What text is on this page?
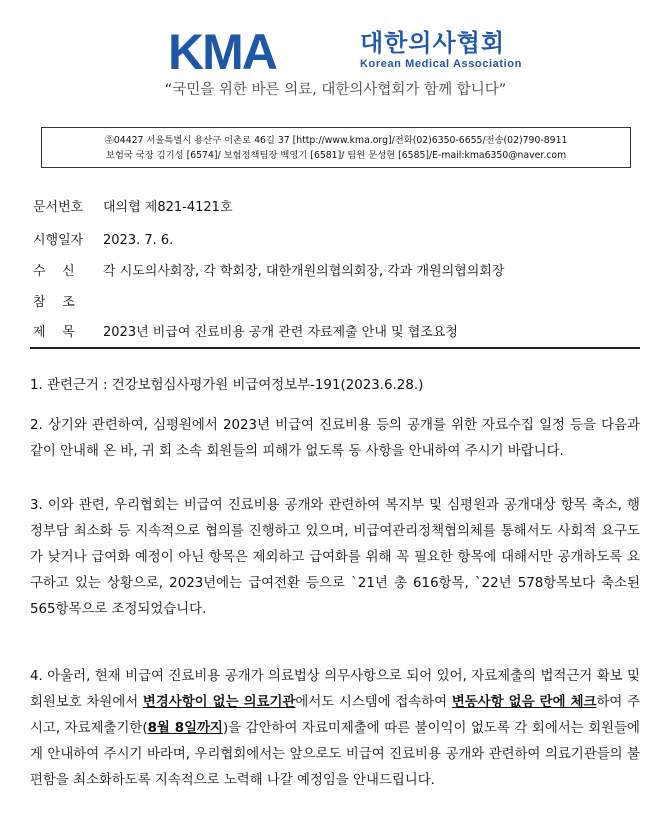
KMA	대한의사협회
Korean Medical Association
“국민을 위한 바른 의료, 대한의사협회가 함께 합니다”
㉾04427 서울특별시 용산구 이촌로 46길 37 [http://www.kma.org]/전화(02)6350-6655/전송(02)790-8911
보험국 국장 김기성 [6574]/ 보험정책팀장 백영기 [6581]/ 팀원 문성현 [6585]/E-mail:kma6350@naver.com
문서번호 대의협 제821-4121호
시행일자 2023. 7. 6.
수    신 각 시도의사회장, 각 학회장, 대한개원의협의회장, 각과 개원의협의회장
참    조
제    목 2023년 비급여 진료비용 공개 관련 자료제출 안내 및 협조요청
1. 관련근거 : 건강보험심사평가원 비급여정보부-191(2023.6.28.)
2. 상기와 관련하여, 심평원에서 2023년 비급여 진료비용 등의 공개를 위한 자료수집 일정 등을 다음과 같이 안내해 온 바, 귀 회 소속 회원들의 피해가 없도록 동 사항을 안내하여 주시기 바랍니다.
3. 이와 관련, 우리협회는 비급여 진료비용 공개와 관련하여 복지부 및 심평원과 공개대상 항목 축소, 행정부담 최소화 등 지속적으로 협의를 진행하고 있으며, 비급여관리정책협의체를 통해서도 사회적 요구도가 낮거나 급여화 예정이 아닌 항목은 제외하고 급여화를 위해 꼭 필요한 항목에 대해서만 공개하도록 요구하고 있는 상황으로, 2023년에는 급여전환 등으로 `21년 총 616항목, `22년 578항목보다 축소된 565항목으로 조정되었습니다.
4. 아울러, 현재 비급여 진료비용 공개가 의료법상 의무사항으로 되어 있어, 자료제출의 법적근거 확보 및 회원보호 차원에서 변경사항이 없는 의료기관에서도 시스템에 접속하여 변동사항 없음 란에 체크하여 주시고, 자료제출기한(8월 8일까지)을 감안하여 자료미제출에 따른 불이익이 없도록 각 회에서는 회원들에게 안내하여 주시기 바라며, 우리협회에서는 앞으로도 비급여 진료비용 공개와 관련하여 의료기관들의 불편함을 최소화하도록 지속적으로 노력해 나갈 예정임을 안내드립니다.
